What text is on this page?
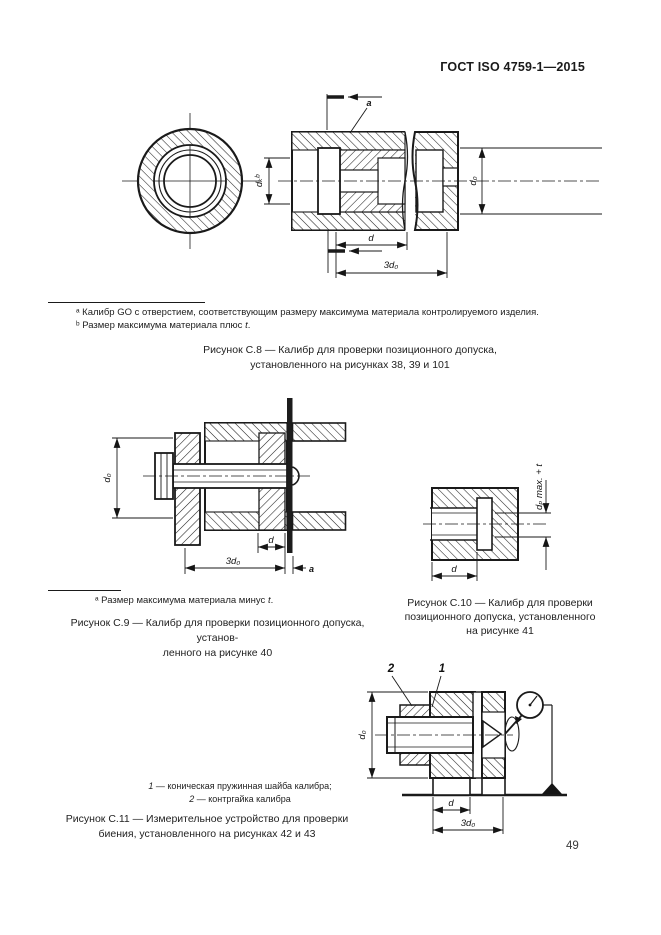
ГОСТ ISO 4759-1—2015
a
dₖᵇ	d₀
d
3d₀
ᵃ Калибр GO с отверстием, соответствующим размеру максимума материала контролируемого изделия.
ᵇ Размер максимума материала плюс t.
Рисунок С.8 — Калибр для проверки позиционного допуска,
установленного на рисунках 38, 39 и 101
d₀
d
3d₀
a
dₚ max. + t
d
ᵃ Размер максимума материала минус t.
Рисунок С.9 — Калибр для проверки позиционного допуска, установ-
ленного на рисунке 40
Рисунок С.10 — Калибр для проверки
позиционного допуска, установленного
на рисунке 41
2	1
d₀
d
3d₀
1 — коническая пружинная шайба калибра;
2 — контргайка калибра
Рисунок С.11 — Измерительное устройство для проверки
биения, установленного на рисунках 42 и 43
49
